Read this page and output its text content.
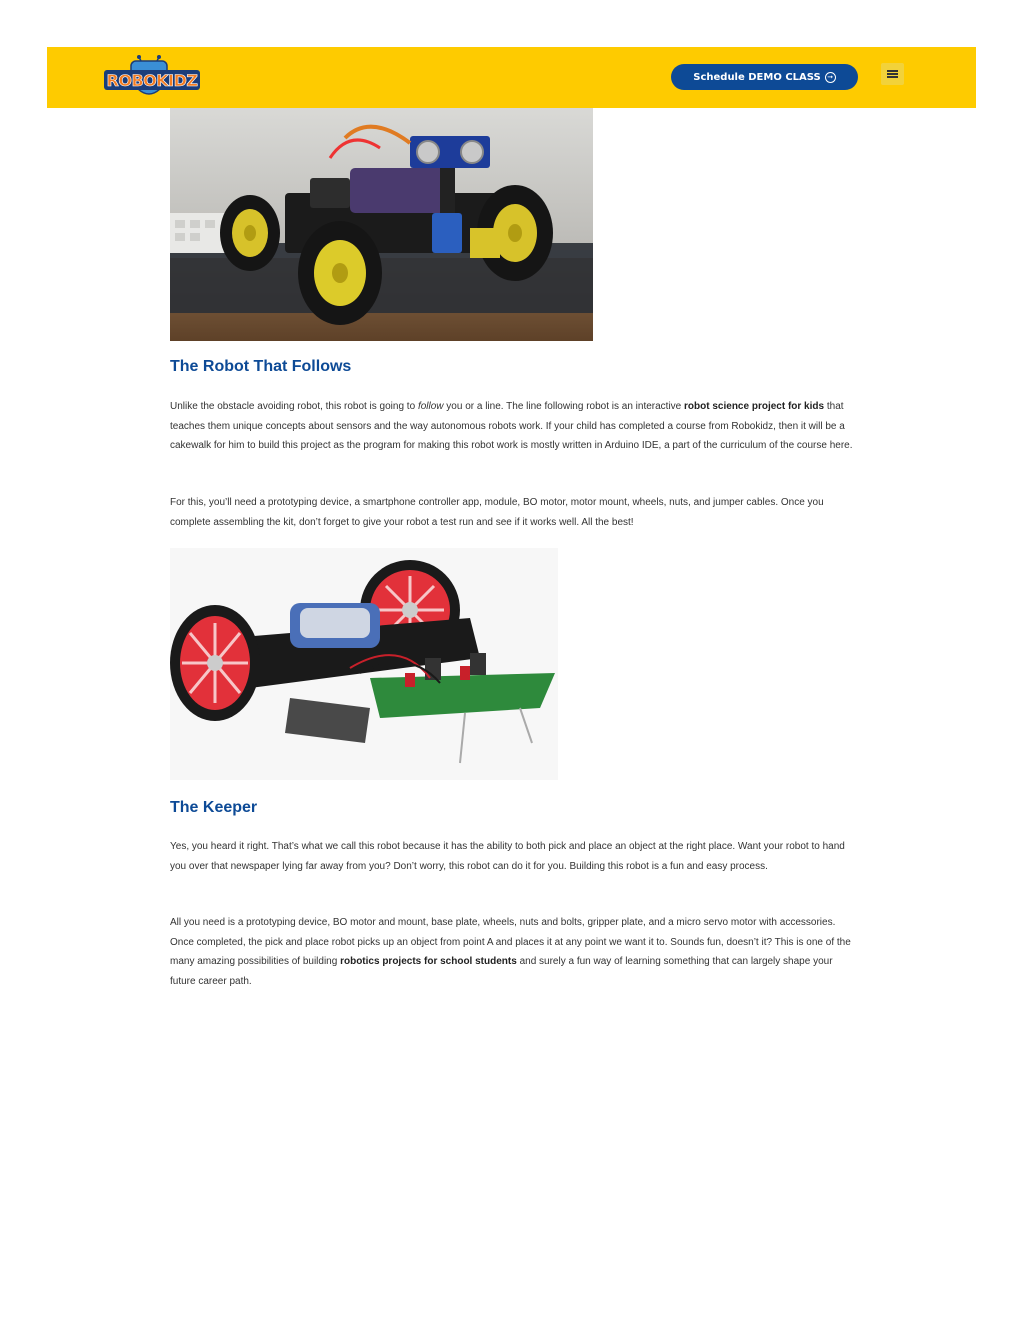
ROBOKIDZ	Schedule DEMO CLASS ➞
The Robot That Follows

Unlike the obstacle avoiding robot, this robot is going to follow you or a line. The line following robot is an interactive robot science project for kids that teaches them unique concepts about sensors and the way autonomous robots work. If your child has completed a course from Robokidz, then it will be a cakewalk for him to build this project as the program for making this robot work is mostly written in Arduino IDE, a part of the curriculum of the course here.

For this, you’ll need a prototyping device, a smartphone controller app, module, BO motor, motor mount, wheels, nuts, and jumper cables. Once you complete assembling the kit, don’t forget to give your robot a test run and see if it works well. All the best!

The Keeper

Yes, you heard it right. That’s what we call this robot because it has the ability to both pick and place an object at the right place. Want your robot to hand you over that newspaper lying far away from you? Don’t worry, this robot can do it for you. Building this robot is a fun and easy process.

All you need is a prototyping device, BO motor and mount, base plate, wheels, nuts and bolts, gripper plate, and a micro servo motor with accessories. Once completed, the pick and place robot picks up an object from point A and places it at any point we want it to. Sounds fun, doesn’t it? This is one of the many amazing possibilities of building robotics projects for school students and surely a fun way of learning something that can largely shape your future career path.
